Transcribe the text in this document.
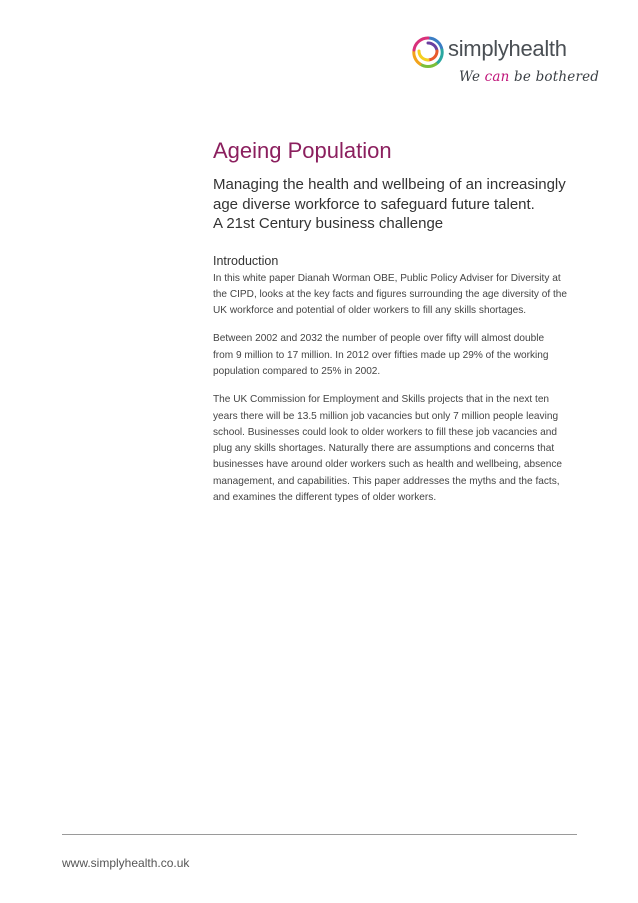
simplyhealth
We can be bothered
Ageing Population
Managing the health and wellbeing of an increasingly
age diverse workforce to safeguard future talent.
A 21st Century business challenge
Introduction
In this white paper Dianah Worman OBE, Public Policy Adviser for Diversity at
the CIPD, looks at the key facts and figures surrounding the age diversity of the
UK workforce and potential of older workers to fill any skills shortages.
Between 2002 and 2032 the number of people over fifty will almost double
from 9 million to 17 million. In 2012 over fifties made up 29% of the working
population compared to 25% in 2002.
The UK Commission for Employment and Skills projects that in the next ten
years there will be 13.5 million job vacancies but only 7 million people leaving
school. Businesses could look to older workers to fill these job vacancies and
plug any skills shortages. Naturally there are assumptions and concerns that
businesses have around older workers such as health and wellbeing, absence
management, and capabilities. This paper addresses the myths and the facts,
and examines the different types of older workers.
www.simplyhealth.co.uk
